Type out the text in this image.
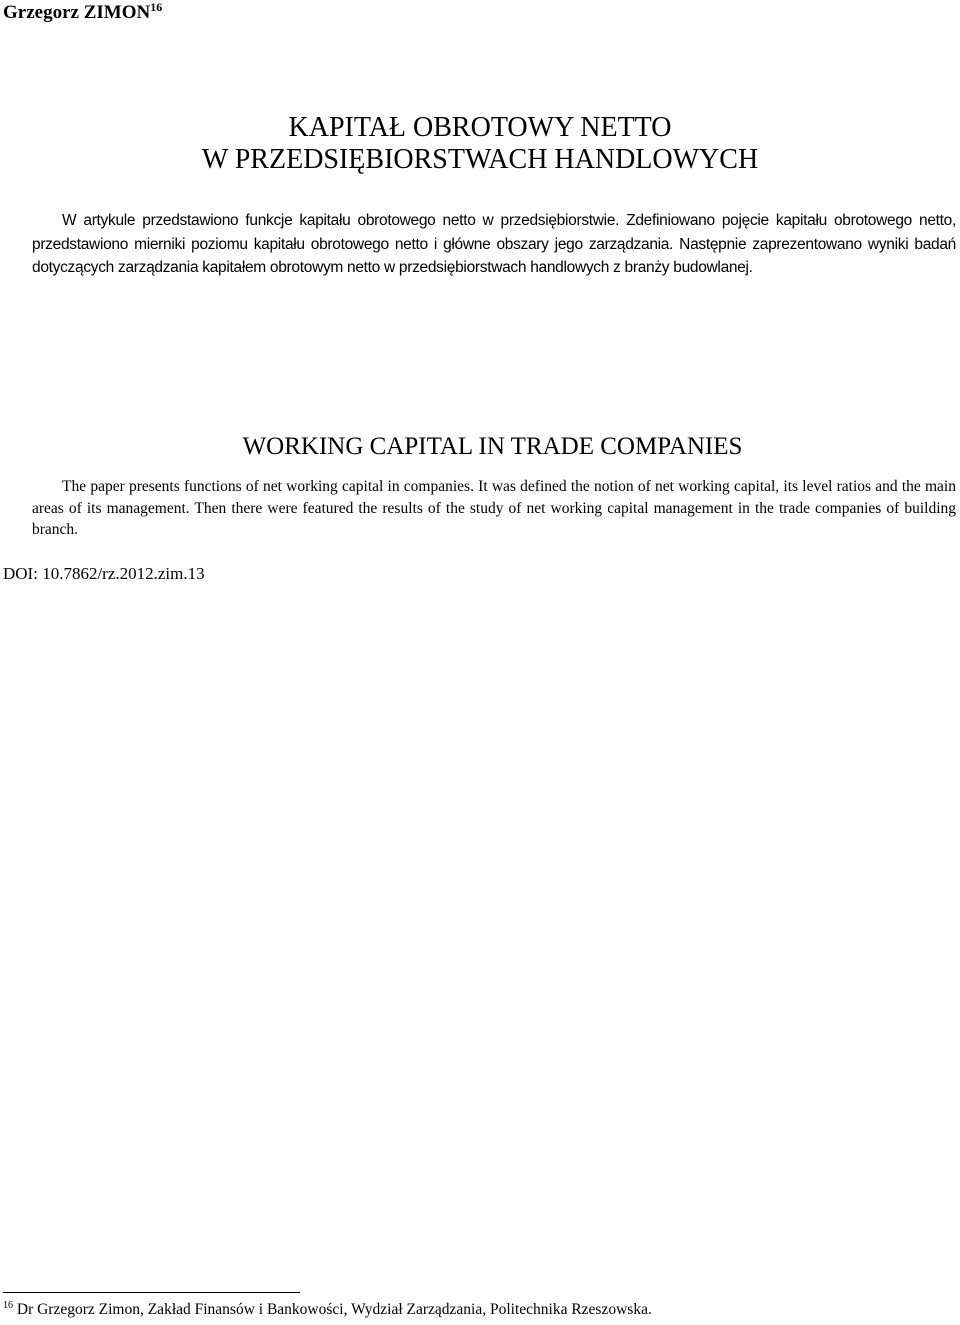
Grzegorz ZIMON$^{16}$
KAPITAŁ OBROTOWY NETTO
W PRZEDSIĘBIORSTWACH HANDLOWYCH

W artykule przedstawiono funkcje kapitału obrotowego netto w przedsiębiorstwie. Zdefiniowano pojęcie kapitału obrotowego netto, przedstawiono mierniki poziomu kapitału obrotowego netto i główne obszary jego zarządzania. Następnie zaprezentowano wyniki badań dotyczących zarządzania kapitałem obrotowym netto w przedsiębiorstwach handlowych z branży budowlanej.

WORKING CAPITAL IN TRADE COMPANIES

The paper presents functions of net working capital in companies. It was defined the notion of net working capital, its level ratios and the main areas of its management. Then there were featured the results of the study of net working capital management in the trade companies of building branch.

DOI: 10.7862/rz.2012.zim.13
$^{16}$ Dr Grzegorz Zimon, Zakład Finansów i Bankowości, Wydział Zarządzania, Politechnika Rzeszowska.
